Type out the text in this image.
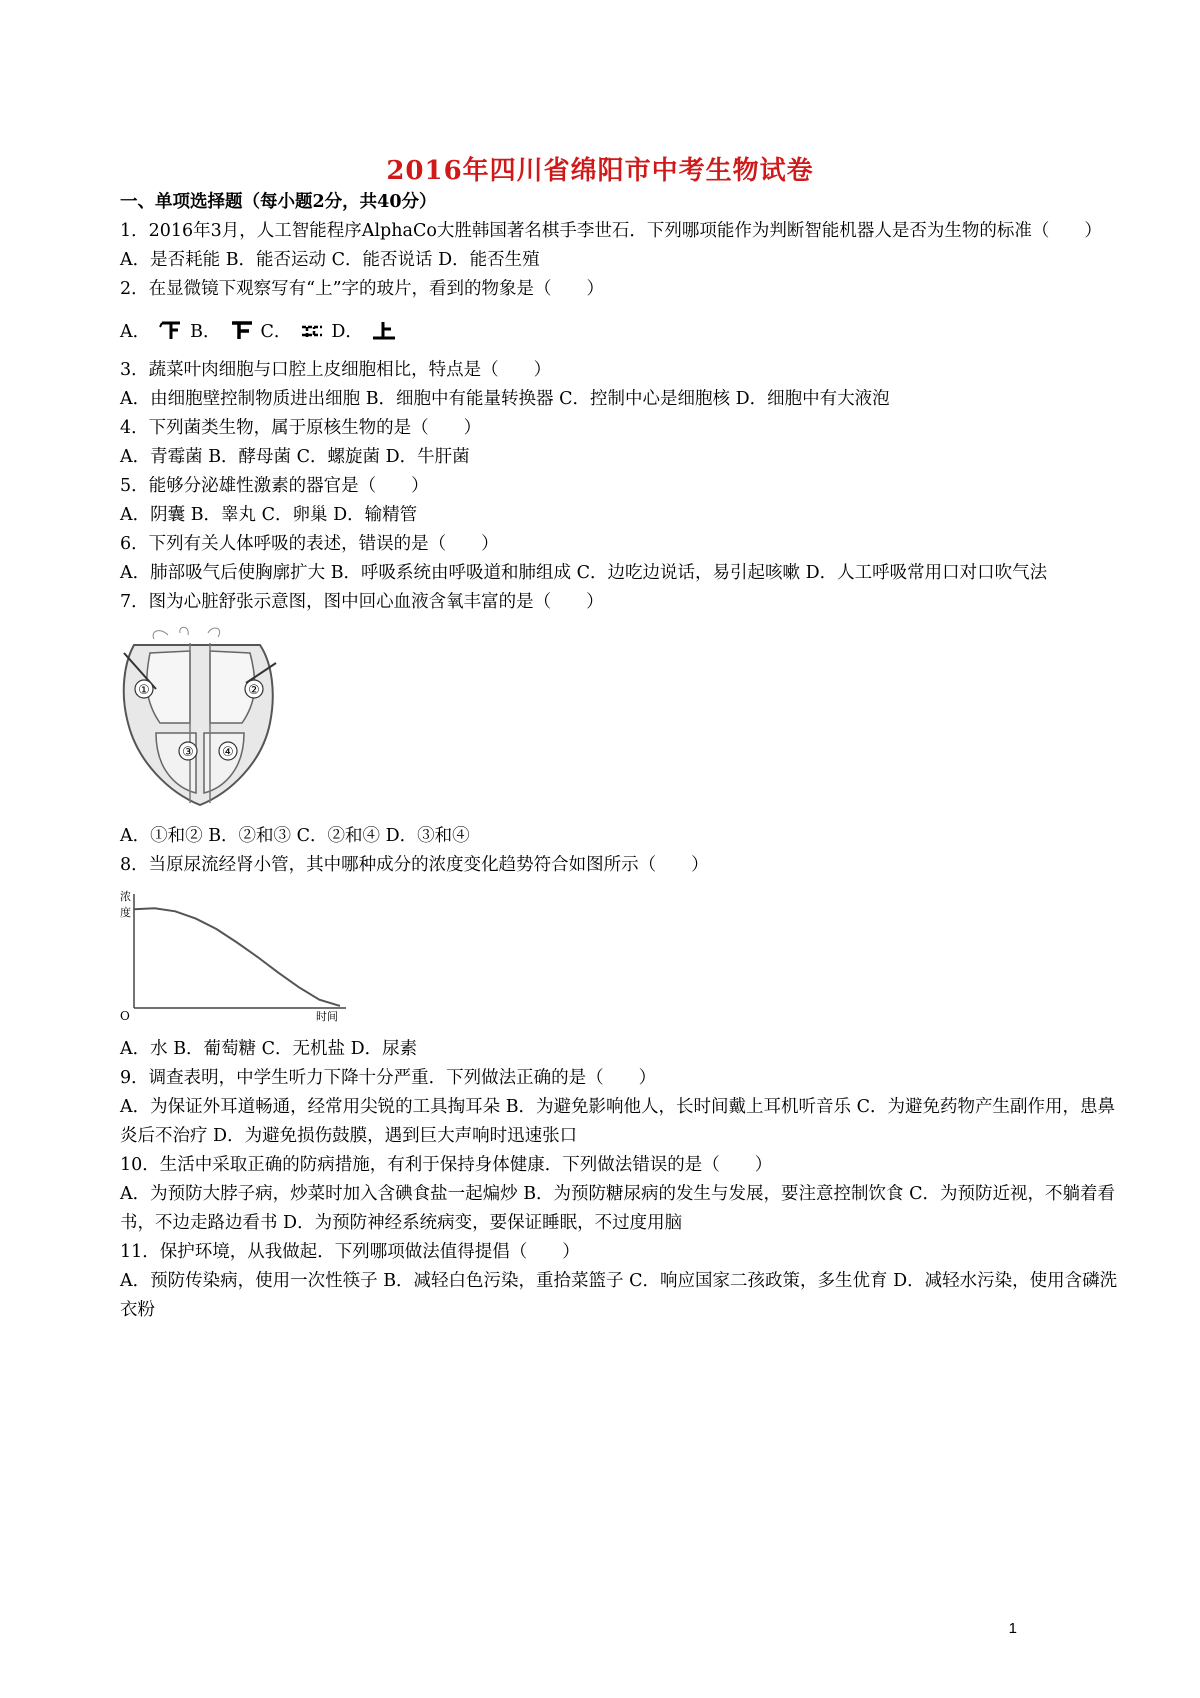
2016年四川省绵阳市中考生物试卷

一、单项选择题（每小题2分，共40分）

1．2016年3月，人工智能程序AlphaCo大胜韩国著名棋手李世石．下列哪项能作为判断智能机器人是否为生物的标准（　　）

A．是否耗能 B．能否运动 C．能否说话 D．能否生殖

2．在显微镜下观察写有“上”字的玻片，看到的物象是（　　）

A． B． C． D．

3．蔬菜叶肉细胞与口腔上皮细胞相比，特点是（　　）

A．由细胞壁控制物质进出细胞 B．细胞中有能量转换器 C．控制中心是细胞核 D．细胞中有大液泡

4．下列菌类生物，属于原核生物的是（　　）

A．青霉菌 B．酵母菌 C．螺旋菌 D．牛肝菌

5．能够分泌雄性激素的器官是（　　）

A．阴囊 B．睾丸 C．卵巢 D．输精管

6．下列有关人体呼吸的表述，错误的是（　　）

A．肺部吸气后使胸廓扩大 B．呼吸系统由呼吸道和肺组成 C．边吃边说话，易引起咳嗽 D．人工呼吸常用口对口吹气法

7．图为心脏舒张示意图，图中回心血液含氧丰富的是（　　）

①	②
③ ④

A．①和② B．②和③ C．②和④ D．③和④

8．当原尿流经肾小管，其中哪种成分的浓度变化趋势符合如图所示（　　）

浓
度
O	时间

A．水 B．葡萄糖 C．无机盐 D．尿素

9．调查表明，中学生听力下降十分严重．下列做法正确的是（　　）

A．为保证外耳道畅通，经常用尖锐的工具掏耳朵 B．为避免影响他人，长时间戴上耳机听音乐 C．为避免药物产生副作用，患鼻炎后不治疗 D．为避免损伤鼓膜，遇到巨大声响时迅速张口

10．生活中采取正确的防病措施，有利于保持身体健康．下列做法错误的是（　　）

A．为预防大脖子病，炒菜时加入含碘食盐一起煸炒 B．为预防糖尿病的发生与发展，要注意控制饮食 C．为预防近视，不躺着看书，不边走路边看书 D．为预防神经系统病变，要保证睡眠，不过度用脑

11．保护环境，从我做起．下列哪项做法值得提倡（　　）

A．预防传染病，使用一次性筷子 B．减轻白色污染，重拾菜篮子 C．响应国家二孩政策，多生优育 D．减轻水污染，使用含磷洗衣粉

1
